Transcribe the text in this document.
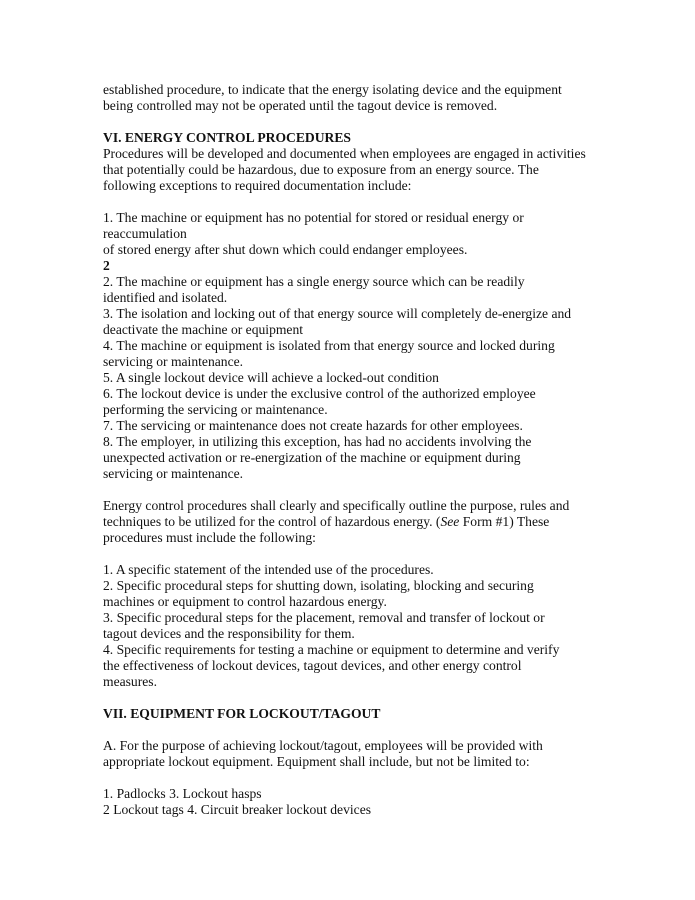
established procedure, to indicate that the energy isolating device and the equipment
being controlled may not be operated until the tagout device is removed.
VI. ENERGY CONTROL PROCEDURES
Procedures will be developed and documented when employees are engaged in activities
that potentially could be hazardous, due to exposure from an energy source. The
following exceptions to required documentation include:
1. The machine or equipment has no potential for stored or residual energy or
reaccumulation
of stored energy after shut down which could endanger employees.
2
2. The machine or equipment has a single energy source which can be readily
identified and isolated.
3. The isolation and locking out of that energy source will completely de-energize and
deactivate the machine or equipment
4. The machine or equipment is isolated from that energy source and locked during
servicing or maintenance.
5. A single lockout device will achieve a locked-out condition
6. The lockout device is under the exclusive control of the authorized employee
performing the servicing or maintenance.
7. The servicing or maintenance does not create hazards for other employees.
8. The employer, in utilizing this exception, has had no accidents involving the
unexpected activation or re-energization of the machine or equipment during
servicing or maintenance.
Energy control procedures shall clearly and specifically outline the purpose, rules and
techniques to be utilized for the control of hazardous energy. (See Form #1) These
procedures must include the following:
1. A specific statement of the intended use of the procedures.
2. Specific procedural steps for shutting down, isolating, blocking and securing
machines or equipment to control hazardous energy.
3. Specific procedural steps for the placement, removal and transfer of lockout or
tagout devices and the responsibility for them.
4. Specific requirements for testing a machine or equipment to determine and verify
the effectiveness of lockout devices, tagout devices, and other energy control
measures.
VII. EQUIPMENT FOR LOCKOUT/TAGOUT
A. For the purpose of achieving lockout/tagout, employees will be provided with
appropriate lockout equipment. Equipment shall include, but not be limited to:
1. Padlocks 3. Lockout hasps
2 Lockout tags 4. Circuit breaker lockout devices
